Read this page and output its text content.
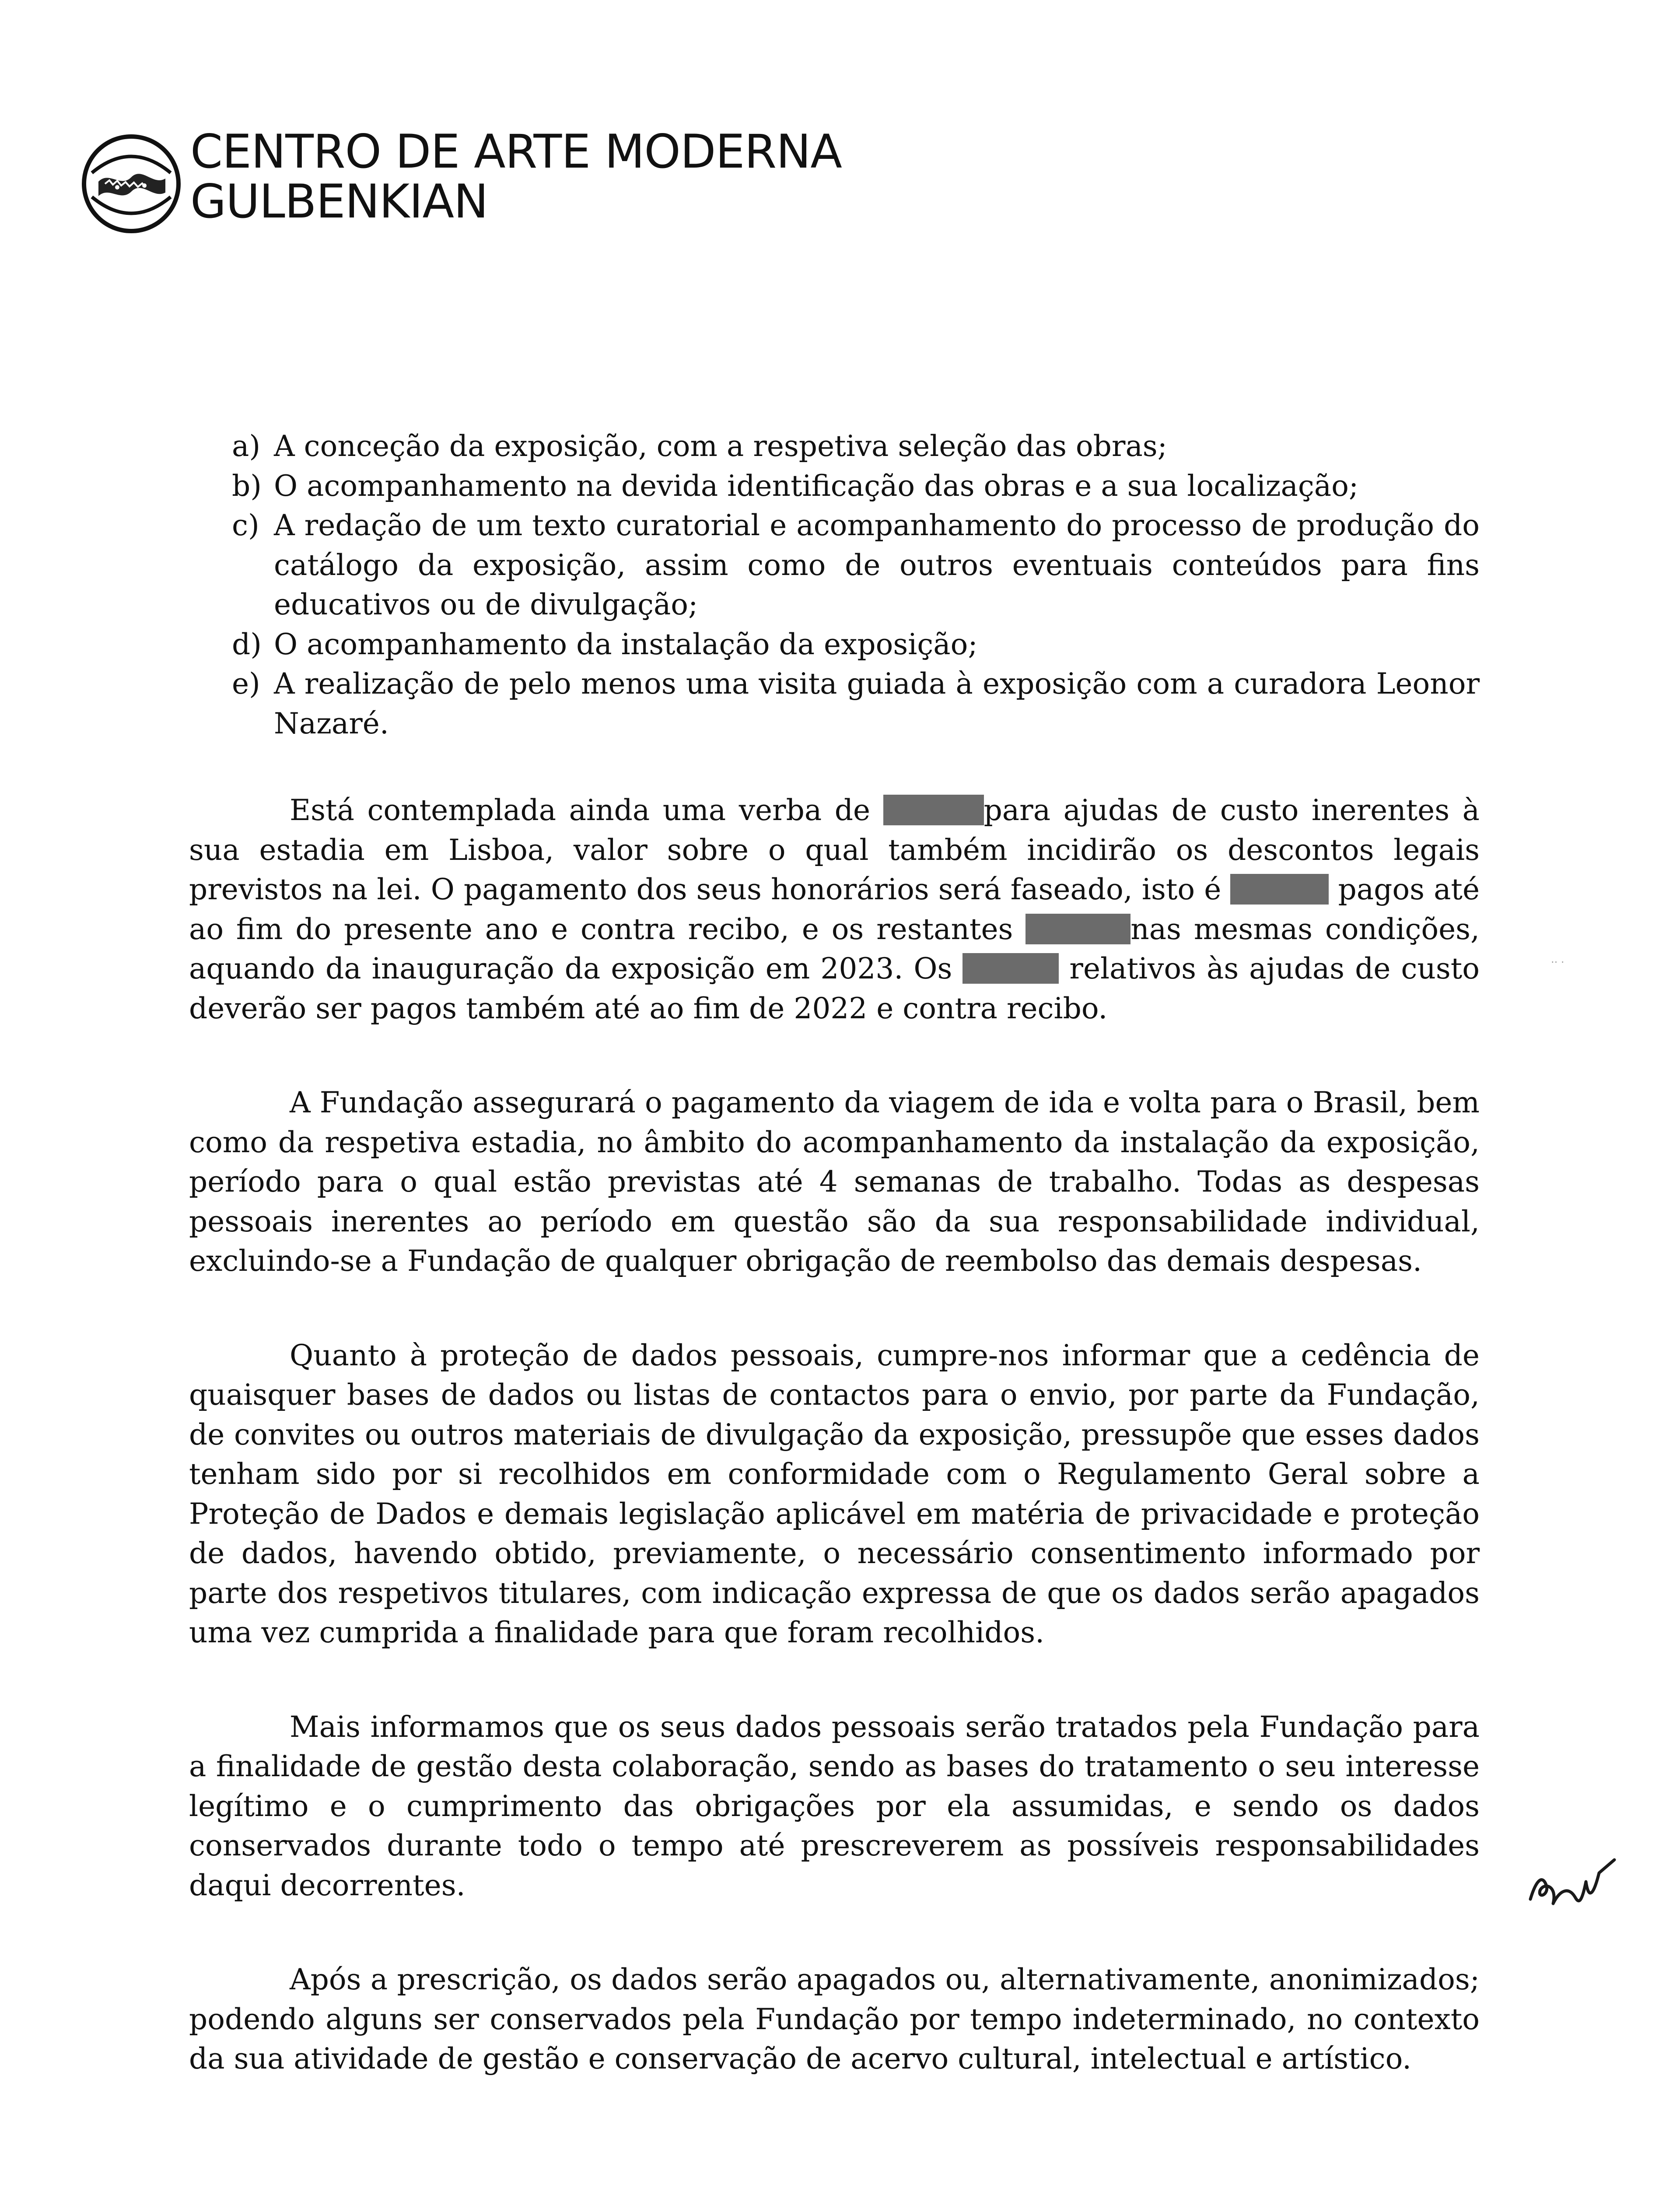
CENTRO DE ARTE MODERNA
GULBENKIAN
a) A conceção da exposição, com a respetiva seleção das obras;
b) O acompanhamento na devida identificação das obras e a sua localização;
c) A redação de um texto curatorial e acompanhamento do processo de produção do catálogo da exposição, assim como de outros eventuais conteúdos para fins educativos ou de divulgação;
d) O acompanhamento da instalação da exposição;
e) A realização de pelo menos uma visita guiada à exposição com a curadora Leonor Nazaré.

Está contemplada ainda uma verba de	para ajudas de custo inerentes à sua estadia em Lisboa, valor sobre o qual também incidirão os descontos legais previstos na lei. O pagamento dos seus honorários será faseado, isto é	pagos até ao fim do presente ano e contra recibo, e os restantes	nas mesmas condições, aquando da inauguração da exposição em 2023. Os	relativos às ajudas de custo deverão ser pagos também até ao fim de 2022 e contra recibo.

A Fundação assegurará o pagamento da viagem de ida e volta para o Brasil, bem como da respetiva estadia, no âmbito do acompanhamento da instalação da exposição, período para o qual estão previstas até 4 semanas de trabalho. Todas as despesas pessoais inerentes ao período em questão são da sua responsabilidade individual, excluindo-se a Fundação de qualquer obrigação de reembolso das demais despesas.

Quanto à proteção de dados pessoais, cumpre-nos informar que a cedência de quaisquer bases de dados ou listas de contactos para o envio, por parte da Fundação, de convites ou outros materiais de divulgação da exposição, pressupõe que esses dados tenham sido por si recolhidos em conformidade com o Regulamento Geral sobre a Proteção de Dados e demais legislação aplicável em matéria de privacidade e proteção de dados, havendo obtido, previamente, o necessário consentimento informado por parte dos respetivos titulares, com indicação expressa de que os dados serão apagados uma vez cumprida a finalidade para que foram recolhidos.

Mais informamos que os seus dados pessoais serão tratados pela Fundação para a finalidade de gestão desta colaboração, sendo as bases do tratamento o seu interesse legítimo e o cumprimento das obrigações por ela assumidas, e sendo os dados conservados durante todo o tempo até prescreverem as possíveis responsabilidades daqui decorrentes.

Após a prescrição, os dados serão apagados ou, alternativamente, anonimizados; podendo alguns ser conservados pela Fundação por tempo indeterminado, no contexto da sua atividade de gestão e conservação de acervo cultural, intelectual e artístico.

·· ·
